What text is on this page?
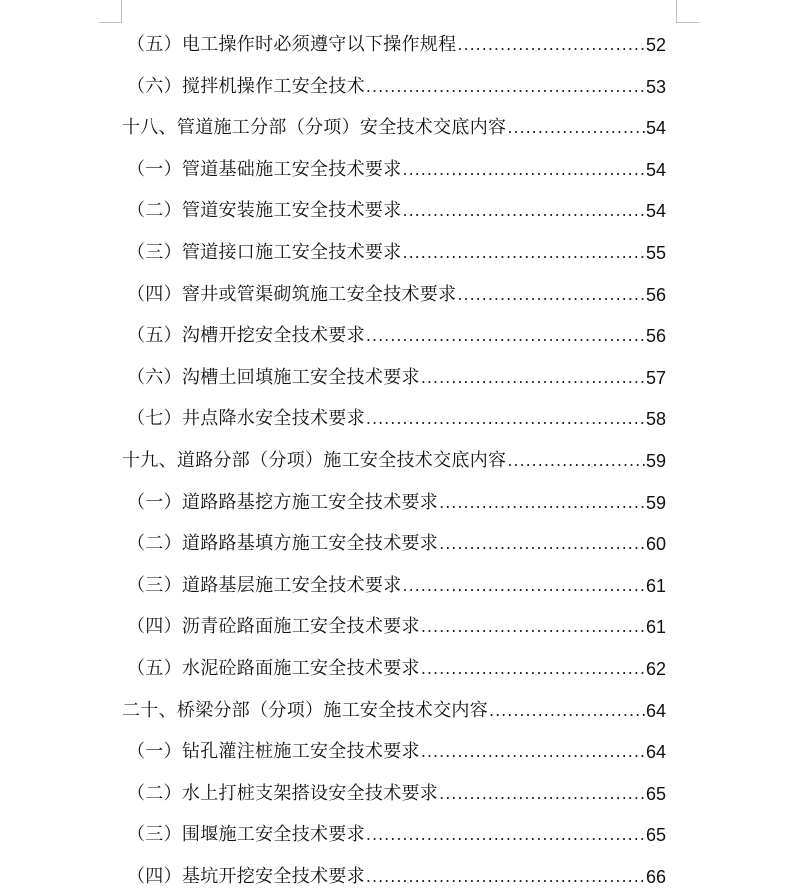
（五）电工操作时必须遵守以下操作规程 .....	52
（六）搅拌机操作工安全技术 .....	53
十八、管道施工分部（分项）安全技术交底内容 .....	54
（一）管道基础施工安全技术要求 .....	54
（二）管道安装施工安全技术要求 .....	54
（三）管道接口施工安全技术要求 .....	55
（四）窨井或管渠砌筑施工安全技术要求 .....	56
（五）沟槽开挖安全技术要求 .....	56
（六）沟槽土回填施工安全技术要求 .....	57
（七）井点降水安全技术要求 .....	58
十九、道路分部（分项）施工安全技术交底内容 .....	59
（一）道路路基挖方施工安全技术要求 .....	59
（二）道路路基填方施工安全技术要求 .....	60
（三）道路基层施工安全技术要求 .....	61
（四）沥青砼路面施工安全技术要求 .....	61
（五）水泥砼路面施工安全技术要求 .....	62
二十、桥梁分部（分项）施工安全技术交内容 .....	64
（一）钻孔灌注桩施工安全技术要求 .....	64
（二）水上打桩支架搭设安全技术要求 .....	65
（三）围堰施工安全技术要求 .....	65
（四）基坑开挖安全技术要求 .....	66
